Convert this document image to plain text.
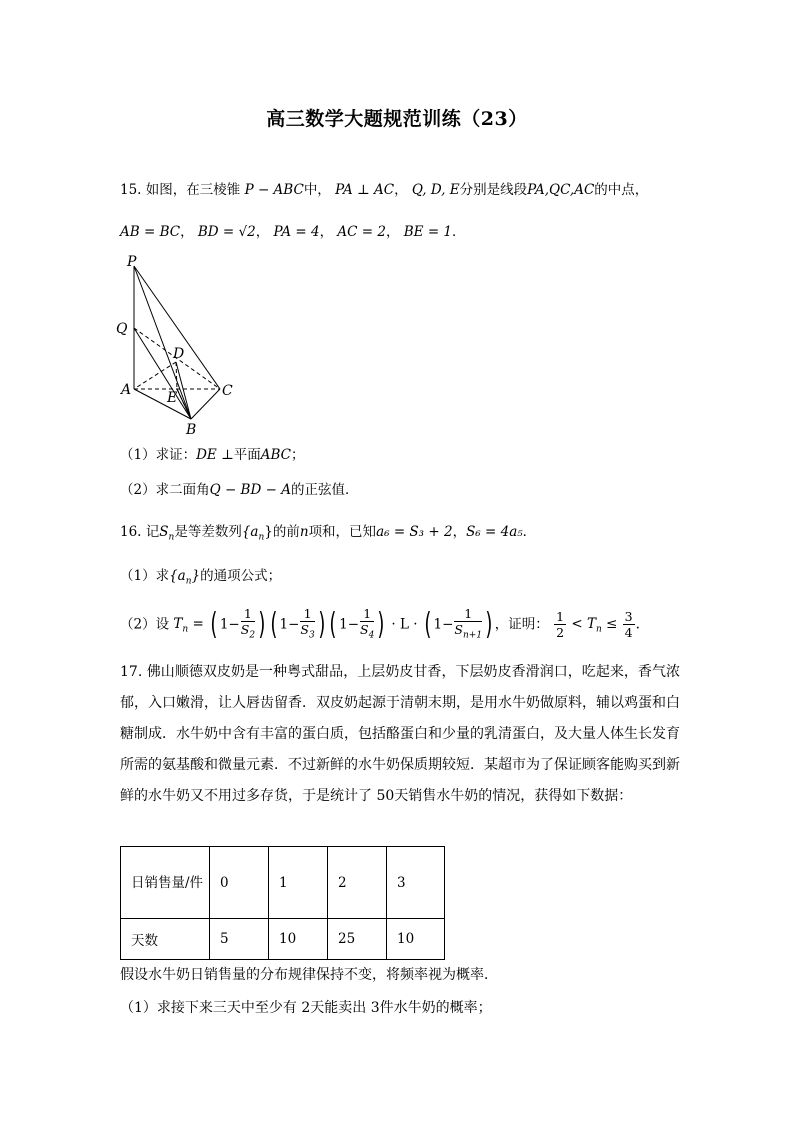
高三数学大题规范训练（23）
15. 如图，在三棱锥 P − ABC中， PA ⊥ AC， Q, D, E分别是线段PA,QC,AC的中点，
AB = BC， BD = √2， PA = 4， AC = 2， BE = 1．
P
Q
D
A	E	C
B
（1）求证：DE ⊥平面ABC；
（2）求二面角Q − BD − A的正弦值．
16. 记$S_n$是等差数列$\{a_n\}$的前n项和，已知a₆ = S₃ + 2，S₆ = 4a₅．
（1）求$\{a_n\}$的通项公式；
（2）设 $T_n$ = ( $1- \frac{1}{S_2}$ ) ( $1- \frac{1}{S_3}$ ) ( $1- \frac{1}{S_4}$ ) · L · ( $1- \frac{1}{S_{n+1}}$ ) ，证明： $\frac{1}{2} < T_n \le \frac{3}{4}$ .
17. 佛山顺德双皮奶是一种粤式甜品，上层奶皮甘香，下层奶皮香滑润口，吃起来，香气浓郁，入口嫩滑，让人唇齿留香．双皮奶起源于清朝末期，是用水牛奶做原料，辅以鸡蛋和白糖制成．水牛奶中含有丰富的蛋白质，包括酪蛋白和少量的乳清蛋白，及大量人体生长发育所需的氨基酸和微量元素．不过新鲜的水牛奶保质期较短．某超市为了保证顾客能购买到新鲜的水牛奶又不用过多存货，于是统计了 50天销售水牛奶的情况，获得如下数据：
日销售量/件	0	1	2	3
天数	5	10	25	10
假设水牛奶日销售量的分布规律保持不变，将频率视为概率．
（1）求接下来三天中至少有 2天能卖出 3件水牛奶的概率；
